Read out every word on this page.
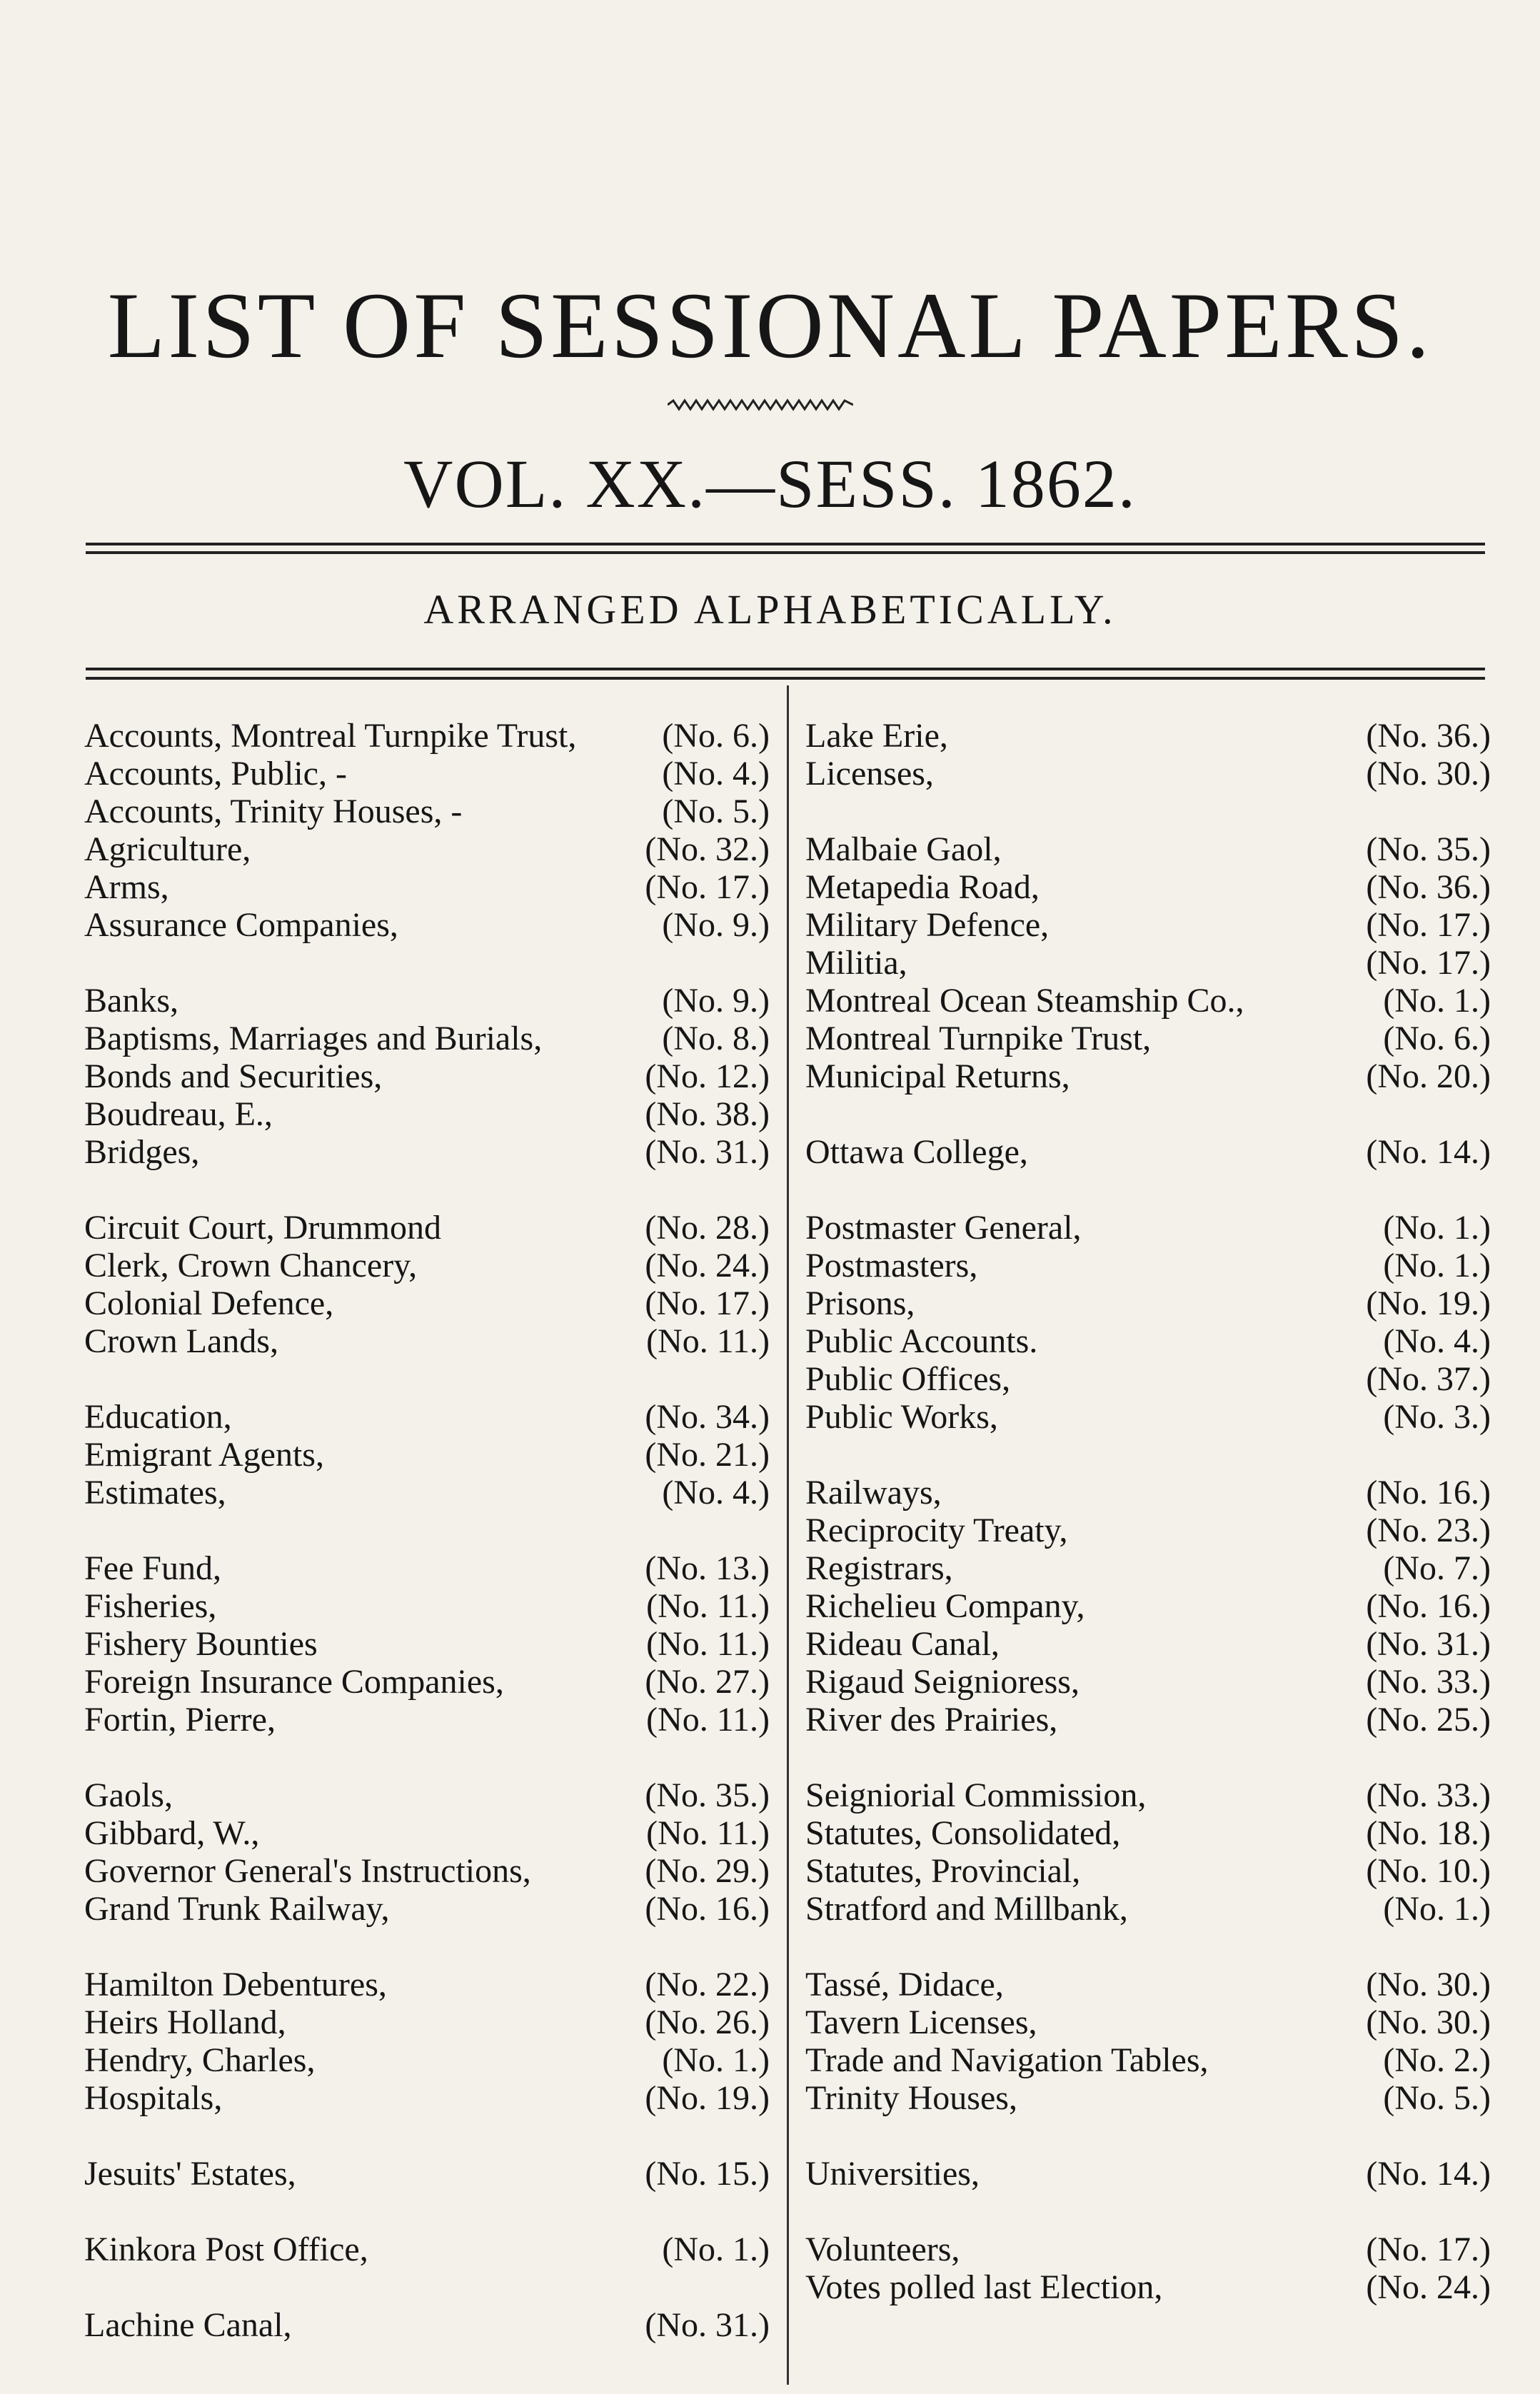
LIST OF SESSIONAL PAPERS.
VOL. XX.—SESS. 1862.
ARRANGED ALPHABETICALLY.
Accounts, Montreal Turnpike Trust, (No. 6.)
Accounts, Public, -	(No. 4.)
Accounts, Trinity Houses, -	(No. 5.)
Agriculture,	(No. 32.)
Arms,	(No. 17.)
Assurance Companies,	(No. 9.)
Banks,	(No. 9.)
Baptisms, Marriages and Burials,	(No. 8.)
Bonds and Securities,	(No. 12.)
Boudreau, E.,	(No. 38.)
Bridges,	(No. 31.)
Circuit Court, Drummond	(No. 28.)
Clerk, Crown Chancery,	(No. 24.)
Colonial Defence,	(No. 17.)
Crown Lands,	(No. 11.)
Education,	(No. 34.)
Emigrant Agents,	(No. 21.)
Estimates,	(No. 4.)
Fee Fund,	(No. 13.)
Fisheries,	(No. 11.)
Fishery Bounties	(No. 11.)
Foreign Insurance Companies,	(No. 27.)
Fortin, Pierre,	(No. 11.)
Gaols,	(No. 35.)
Gibbard, W.,	(No. 11.)
Governor General's Instructions,	(No. 29.)
Grand Trunk Railway,	(No. 16.)
Hamilton Debentures,	(No. 22.)
Heirs Holland,	(No. 26.)
Hendry, Charles,	(No. 1.)
Hospitals,	(No. 19.)
Jesuits' Estates,	(No. 15.)
Kinkora Post Office,	(No. 1.)
Lachine Canal,	(No. 31.)
Lake Erie,	(No. 36.)
Licenses,	(No. 30.)
Malbaie Gaol,	(No. 35.)
Metapedia Road,	(No. 36.)
Military Defence,	(No. 17.)
Militia,	(No. 17.)
Montreal Ocean Steamship Co.,	(No. 1.)
Montreal Turnpike Trust,	(No. 6.)
Municipal Returns,	(No. 20.)
Ottawa College,	(No. 14.)
Postmaster General,	(No. 1.)
Postmasters,	(No. 1.)
Prisons,	(No. 19.)
Public Accounts.	(No. 4.)
Public Offices,	(No. 37.)
Public Works,	(No. 3.)
Railways,	(No. 16.)
Reciprocity Treaty,	(No. 23.)
Registrars,	(No. 7.)
Richelieu Company,	(No. 16.)
Rideau Canal,	(No. 31.)
Rigaud Seignioress,	(No. 33.)
River des Prairies,	(No. 25.)
Seigniorial Commission,	(No. 33.)
Statutes, Consolidated,	(No. 18.)
Statutes, Provincial,	(No. 10.)
Stratford and Millbank,	(No. 1.)
Tassé, Didace,	(No. 30.)
Tavern Licenses,	(No. 30.)
Trade and Navigation Tables,	(No. 2.)
Trinity Houses,	(No. 5.)
Universities,	(No. 14.)
Volunteers,	(No. 17.)
Votes polled last Election,	(No. 24.)
